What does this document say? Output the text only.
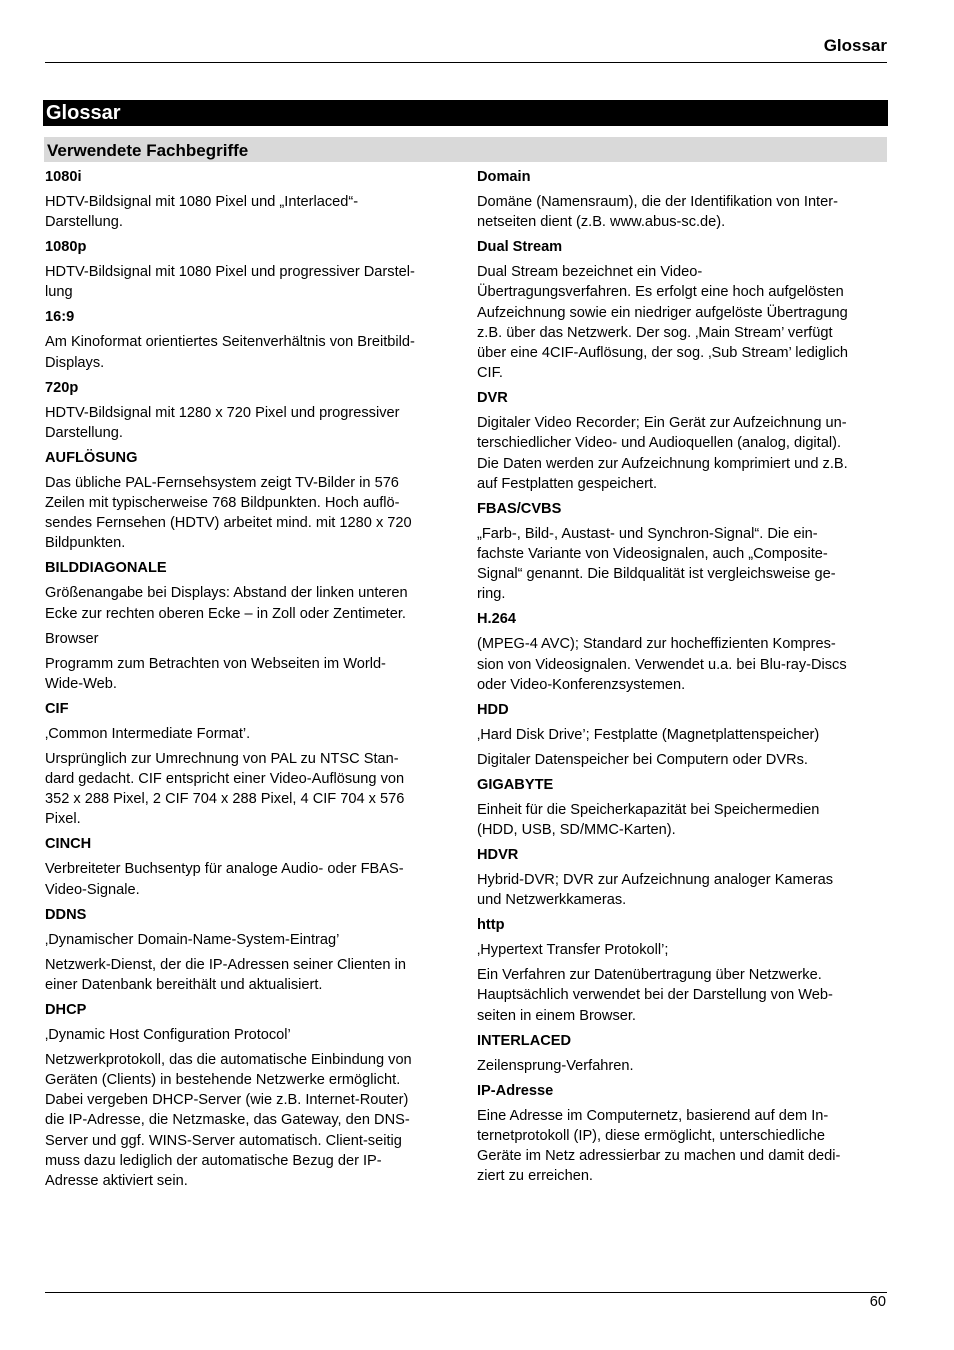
Glossar
Glossar
Verwendete Fachbegriffe
1080i
HDTV-Bildsignal mit 1080 Pixel und „Interlaced“-
Darstellung.
1080p
HDTV-Bildsignal mit 1080 Pixel und progressiver Darstel-
lung
16:9
Am Kinoformat orientiertes Seitenverhältnis von Breitbild-
Displays.
720p
HDTV-Bildsignal mit 1280 x 720 Pixel und progressiver
Darstellung.
AUFLÖSUNG
Das übliche PAL-Fernsehsystem zeigt TV-Bilder in 576
Zeilen mit typischerweise 768 Bildpunkten. Hoch auflö-
sendes Fernsehen (HDTV) arbeitet mind. mit 1280 x 720
Bildpunkten.
BILDDIAGONALE
Größenangabe bei Displays: Abstand der linken unteren
Ecke zur rechten oberen Ecke – in Zoll oder Zentimeter.
Browser
Programm zum Betrachten von Webseiten im World-
Wide-Web.
CIF
‚Common Intermediate Format’.
Ursprünglich zur Umrechnung von PAL zu NTSC Stan-
dard gedacht. CIF entspricht einer Video-Auflösung von
352 x 288 Pixel, 2 CIF 704 x 288 Pixel, 4 CIF 704 x 576
Pixel.
CINCH
Verbreiteter Buchsentyp für analoge Audio- oder FBAS-
Video-Signale.
DDNS
‚Dynamischer Domain-Name-System-Eintrag’
Netzwerk-Dienst, der die IP-Adressen seiner Clienten in
einer Datenbank bereithält und aktualisiert.
DHCP
‚Dynamic Host Configuration Protocol’
Netzwerkprotokoll, das die automatische Einbindung von
Geräten (Clients) in bestehende Netzwerke ermöglicht.
Dabei vergeben DHCP-Server (wie z.B. Internet-Router)
die IP-Adresse, die Netzmaske, das Gateway, den DNS-
Server und ggf. WINS-Server automatisch. Client-seitig
muss dazu lediglich der automatische Bezug der IP-
Adresse aktiviert sein.
Domain
Domäne (Namensraum), die der Identifikation von Inter-
netseiten dient (z.B. www.abus-sc.de).
Dual Stream
Dual Stream bezeichnet ein Video-
Übertragungsverfahren. Es erfolgt eine hoch aufgelösten
Aufzeichnung sowie ein niedriger aufgelöste Übertragung
z.B. über das Netzwerk. Der sog. ‚Main Stream’ verfügt
über eine 4CIF-Auflösung, der sog. ‚Sub Stream’ lediglich
CIF.
DVR
Digitaler Video Recorder; Ein Gerät zur Aufzeichnung un-
terschiedlicher Video- und Audioquellen (analog, digital).
Die Daten werden zur Aufzeichnung komprimiert und z.B.
auf Festplatten gespeichert.
FBAS/CVBS
„Farb-, Bild-, Austast- und Synchron-Signal“. Die ein-
fachste Variante von Videosignalen, auch „Composite-
Signal“ genannt. Die Bildqualität ist vergleichsweise ge-
ring.
H.264
(MPEG-4 AVC); Standard zur hocheffizienten Kompres-
sion von Videosignalen. Verwendet u.a. bei Blu-ray-Discs
oder Video-Konferenzsystemen.
HDD
‚Hard Disk Drive’; Festplatte (Magnetplattenspeicher)
Digitaler Datenspeicher bei Computern oder DVRs.
GIGABYTE
Einheit für die Speicherkapazität bei Speichermedien
(HDD, USB, SD/MMC-Karten).
HDVR
Hybrid-DVR; DVR zur Aufzeichnung analoger Kameras
und Netzwerkkameras.
http
‚Hypertext Transfer Protokoll’;
Ein Verfahren zur Datenübertragung über Netzwerke.
Hauptsächlich verwendet bei der Darstellung von Web-
seiten in einem Browser.
INTERLACED
Zeilensprung-Verfahren.
IP-Adresse
Eine Adresse im Computernetz, basierend auf dem In-
ternetprotokoll (IP), diese ermöglicht, unterschiedliche
Geräte im Netz adressierbar zu machen und damit dedi-
ziert zu erreichen.
60
